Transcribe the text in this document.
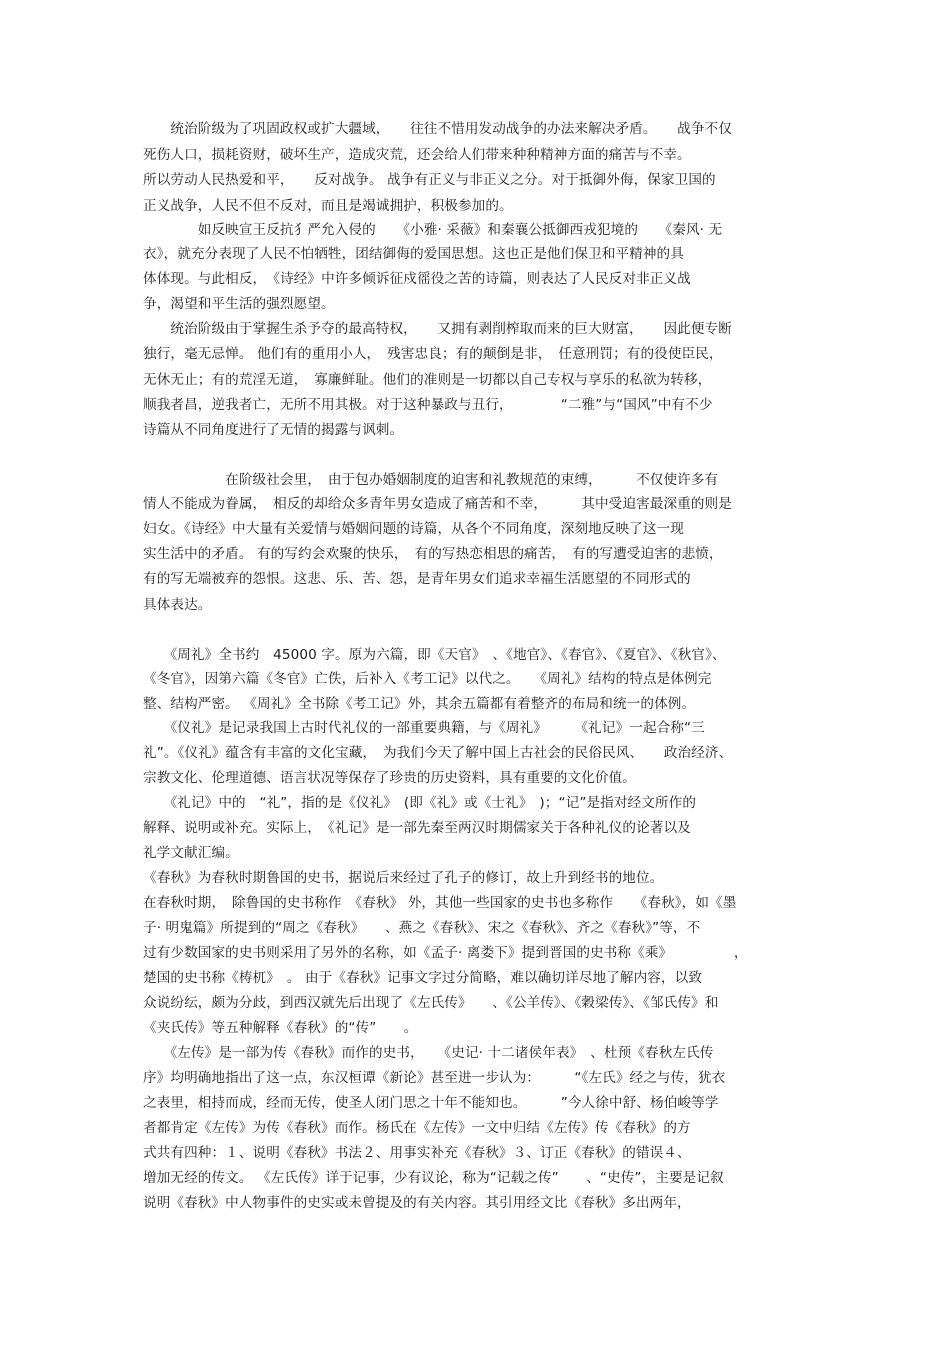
　　统治阶级为了巩固政权或扩大疆域，　　往往不惜用发动战争的办法来解决矛盾。　　战争不仅
死伤人口，损耗资财，破坏生产，造成灾荒，还会给人们带来种种精神方面的痛苦与不幸。
所以劳动人民热爱和平，　　反对战争。 战争有正义与非正义之分。对于抵御外侮，保家卫国的
正义战争，人民不但不反对，而且是竭诚拥护，积极参加的。
　　　　如反映宣王反抗犭严允入侵的　　《小雅· 采薇》和秦襄公抵御西戎犯境的　　《秦风· 无
衣》，就充分表现了人民不怕牺牲，团结御侮的爱国思想。这也正是他们保卫和平精神的具
体体现。与此相反，　《诗经》中许多倾诉征戍徭役之苦的诗篇，则表达了人民反对非正义战
争，渴望和平生活的强烈愿望。
　　统治阶级由于掌握生杀予夺的最高特权，　　又拥有剥削榨取而来的巨大财富，　　因此便专断
独行，毫无忌惮。 他们有的重用小人，　残害忠良；有的颠倒是非，　任意刑罚；有的役使臣民，
无休无止；有的荒淫无道，　寡廉鲜耻。他们的准则是一切都以自己专权与享乐的私欲为转移，
顺我者昌，逆我者亡，无所不用其极。对于这种暴政与丑行，　　　　“二雅”与“国风”中有不少
诗篇从不同角度进行了无情的揭露与讽刺。
　　　　　　在阶级社会里，　由于包办婚姻制度的迫害和礼教规范的束缚，　　　不仅使许多有
情人不能成为眷属，　相反的却给众多青年男女造成了痛苦和不幸，　　　其中受迫害最深重的则是
妇女。《诗经》中大量有关爱情与婚姻问题的诗篇，从各个不同角度，深刻地反映了这一现
实生活中的矛盾。 有的写约会欢聚的快乐，　有的写热恋相思的痛苦，　有的写遭受迫害的悲愤，
有的写无端被弃的怨恨。这悲、乐、苦、怨，是青年男女们追求幸福生活愿望的不同形式的
具体表达。
　　《周礼》全书约　45000 字。原为六篇，即《天官》　、《地官》、《春官》、《夏官》、《秋官》、
《冬官》，因第六篇《冬官》亡佚，后补入《考工记》以代之。　　《周礼》结构的特点是体例完
整、结构严密。 《周礼》全书除《考工记》外，其余五篇都有着整齐的布局和统一的体例。
　　《仪礼》是记录我国上古时代礼仪的一部重要典籍，与《周礼》　　　《礼记》一起合称“三
礼”。《仪礼》蕴含有丰富的文化宝藏，　为我们今天了解中国上古社会的民俗民风、　　政治经济、
宗教文化、伦理道德、语言状况等保存了珍贵的历史资料，具有重要的文化价值。
　　《礼记》中的　“礼”，指的是《仪礼》　(即《礼》或《士礼》　)；“记”是指对经文所作的
解释、说明或补充。实际上，　《礼记》是一部先秦至两汉时期儒家关于各种礼仪的论著以及
礼学文献汇编。
《春秋》为春秋时期鲁国的史书，据说后来经过了孔子的修订，故上升到经书的地位。
在春秋时期，　除鲁国的史书称作　《春秋》 外，其他一些国家的史书也多称作　　《春秋》，如《墨
子· 明鬼篇》所提到的“周之《春秋》　　、燕之《春秋》、宋之《春秋》、齐之《春秋》”等，不
过有少数国家的史书则采用了另外的名称，如《孟子· 离娄下》提到晋国的史书称《乘》　　　　　，
楚国的史书称《梼杌》　。 由于《春秋》记事文字过分简略，难以确切详尽地了解内容，以致
众说纷纭，颇为分歧，到西汉就先后出现了《左氏传》　　、《公羊传》、《穀梁传》、《邹氏传》和
《夹氏传》等五种解释《春秋》的“传”　　。
　　《左传》是一部为传《春秋》而作的史书，　　《史记· 十二诸侯年表》　、杜预《春秋左氏传
序》均明确地指出了这一点，东汉桓谭《新论》甚至进一步认为：　　　“《左氏》经之与传，犹衣
之表里，相持而成，经而无传，使圣人闭门思之十年不能知也。　　　”今人徐中舒、杨伯峻等学
者都肯定《左传》为传《春秋》而作。杨氏在《左传》一文中归结《左传》传《春秋》的方
式共有四种：１、说明《春秋》书法２、用事实补充《春秋》３、订正《春秋》的错误４、
增加无经的传文。 《左氏传》详于记事，少有议论，称为“记载之传”　　、“史传”，主要是记叙
说明《春秋》中人物事件的史实或未曾提及的有关内容。其引用经文比《春秋》多出两年，
